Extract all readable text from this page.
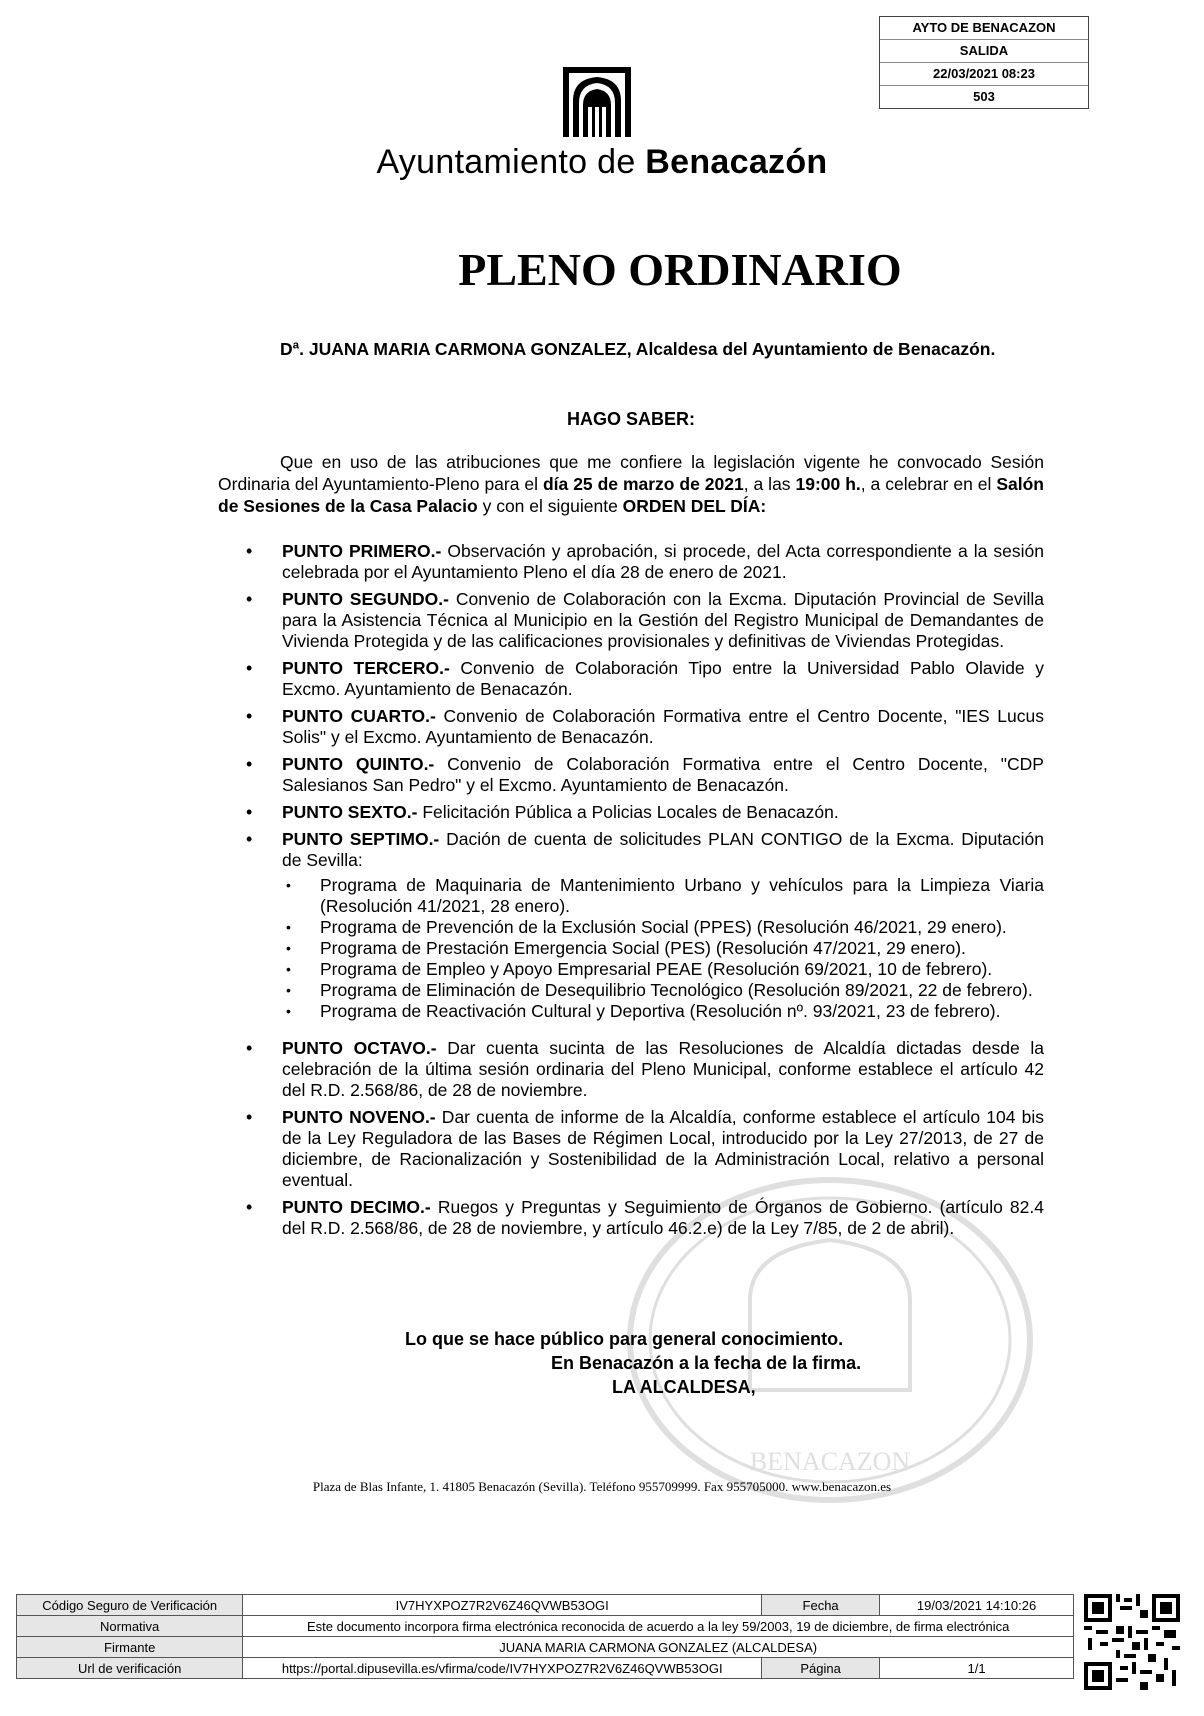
AYTO DE BENACAZON
SALIDA
22/03/2021 08:23
503
Ayuntamiento de Benacazón
PLENO ORDINARIO
Dª. JUANA MARIA CARMONA GONZALEZ, Alcaldesa del Ayuntamiento de Benacazón.
HAGO SABER:
Que en uso de las atribuciones que me confiere la legislación vigente he convocado Sesión Ordinaria del Ayuntamiento-Pleno para el día 25 de marzo de 2021, a las 19:00 h., a celebrar en el Salón de Sesiones de la Casa Palacio y con el siguiente ORDEN DEL DÍA:
• PUNTO PRIMERO.- Observación y aprobación, si procede, del Acta correspondiente a la sesión celebrada por el Ayuntamiento Pleno el día 28 de enero de 2021.
• PUNTO SEGUNDO.- Convenio de Colaboración con la Excma. Diputación Provincial de Sevilla para la Asistencia Técnica al Municipio en la Gestión del Registro Municipal de Demandantes de Vivienda Protegida y de las calificaciones provisionales y definitivas de Viviendas Protegidas.
• PUNTO TERCERO.- Convenio de Colaboración Tipo entre la Universidad Pablo Olavide y Excmo. Ayuntamiento de Benacazón.
• PUNTO CUARTO.- Convenio de Colaboración Formativa entre el Centro Docente, "IES Lucus Solis" y el Excmo. Ayuntamiento de Benacazón.
• PUNTO QUINTO.- Convenio de Colaboración Formativa entre el Centro Docente, "CDP Salesianos San Pedro" y el Excmo. Ayuntamiento de Benacazón.
• PUNTO SEXTO.- Felicitación Pública a Policias Locales de Benacazón.
• PUNTO SEPTIMO.- Dación de cuenta de solicitudes PLAN CONTIGO de la Excma. Diputación de Sevilla:
• Programa de Maquinaria de Mantenimiento Urbano y vehículos para la Limpieza Viaria (Resolución 41/2021, 28 enero).
• Programa de Prevención de la Exclusión Social (PPES) (Resolución 46/2021, 29 enero).
• Programa de Prestación Emergencia Social (PES) (Resolución 47/2021, 29 enero).
• Programa de Empleo y Apoyo Empresarial PEAE (Resolución 69/2021, 10 de febrero).
• Programa de Eliminación de Desequilibrio Tecnológico (Resolución 89/2021, 22 de febrero).
• Programa de Reactivación Cultural y Deportiva (Resolución nº. 93/2021, 23 de febrero).
• PUNTO OCTAVO.- Dar cuenta sucinta de las Resoluciones de Alcaldía dictadas desde la celebración de la última sesión ordinaria del Pleno Municipal, conforme establece el artículo 42 del R.D. 2.568/86, de 28 de noviembre.
• PUNTO NOVENO.- Dar cuenta de informe de la Alcaldía, conforme establece el artículo 104 bis de la Ley Reguladora de las Bases de Régimen Local, introducido por la Ley 27/2013, de 27 de diciembre, de Racionalización y Sostenibilidad de la Administración Local, relativo a personal eventual.
• PUNTO DECIMO.- Ruegos y Preguntas y Seguimiento de Órganos de Gobierno. (artículo 82.4 del R.D. 2.568/86, de 28 de noviembre, y artículo 46.2.e) de la Ley 7/85, de 2 de abril).
BENACAZON
Lo que se hace público para general conocimiento.
En Benacazón a la fecha de la firma.
LA ALCALDESA,
Plaza de Blas Infante, 1. 41805 Benacazón (Sevilla). Teléfono 955709999. Fax 955705000. www.benacazon.es
Código Seguro de Verificación	IV7HYXPOZ7R2V6Z46QVWB53OGI	Fecha	19/03/2021 14:10:26
Normativa	Este documento incorpora firma electrónica reconocida de acuerdo a la ley 59/2003, 19 de diciembre, de firma electrónica		
Firmante	JUANA MARIA CARMONA GONZALEZ (ALCALDESA)		
Url de verificación	https://portal.dipusevilla.es/vfirma/code/IV7HYXPOZ7R2V6Z46QVWB53OGI	Página	1/1
